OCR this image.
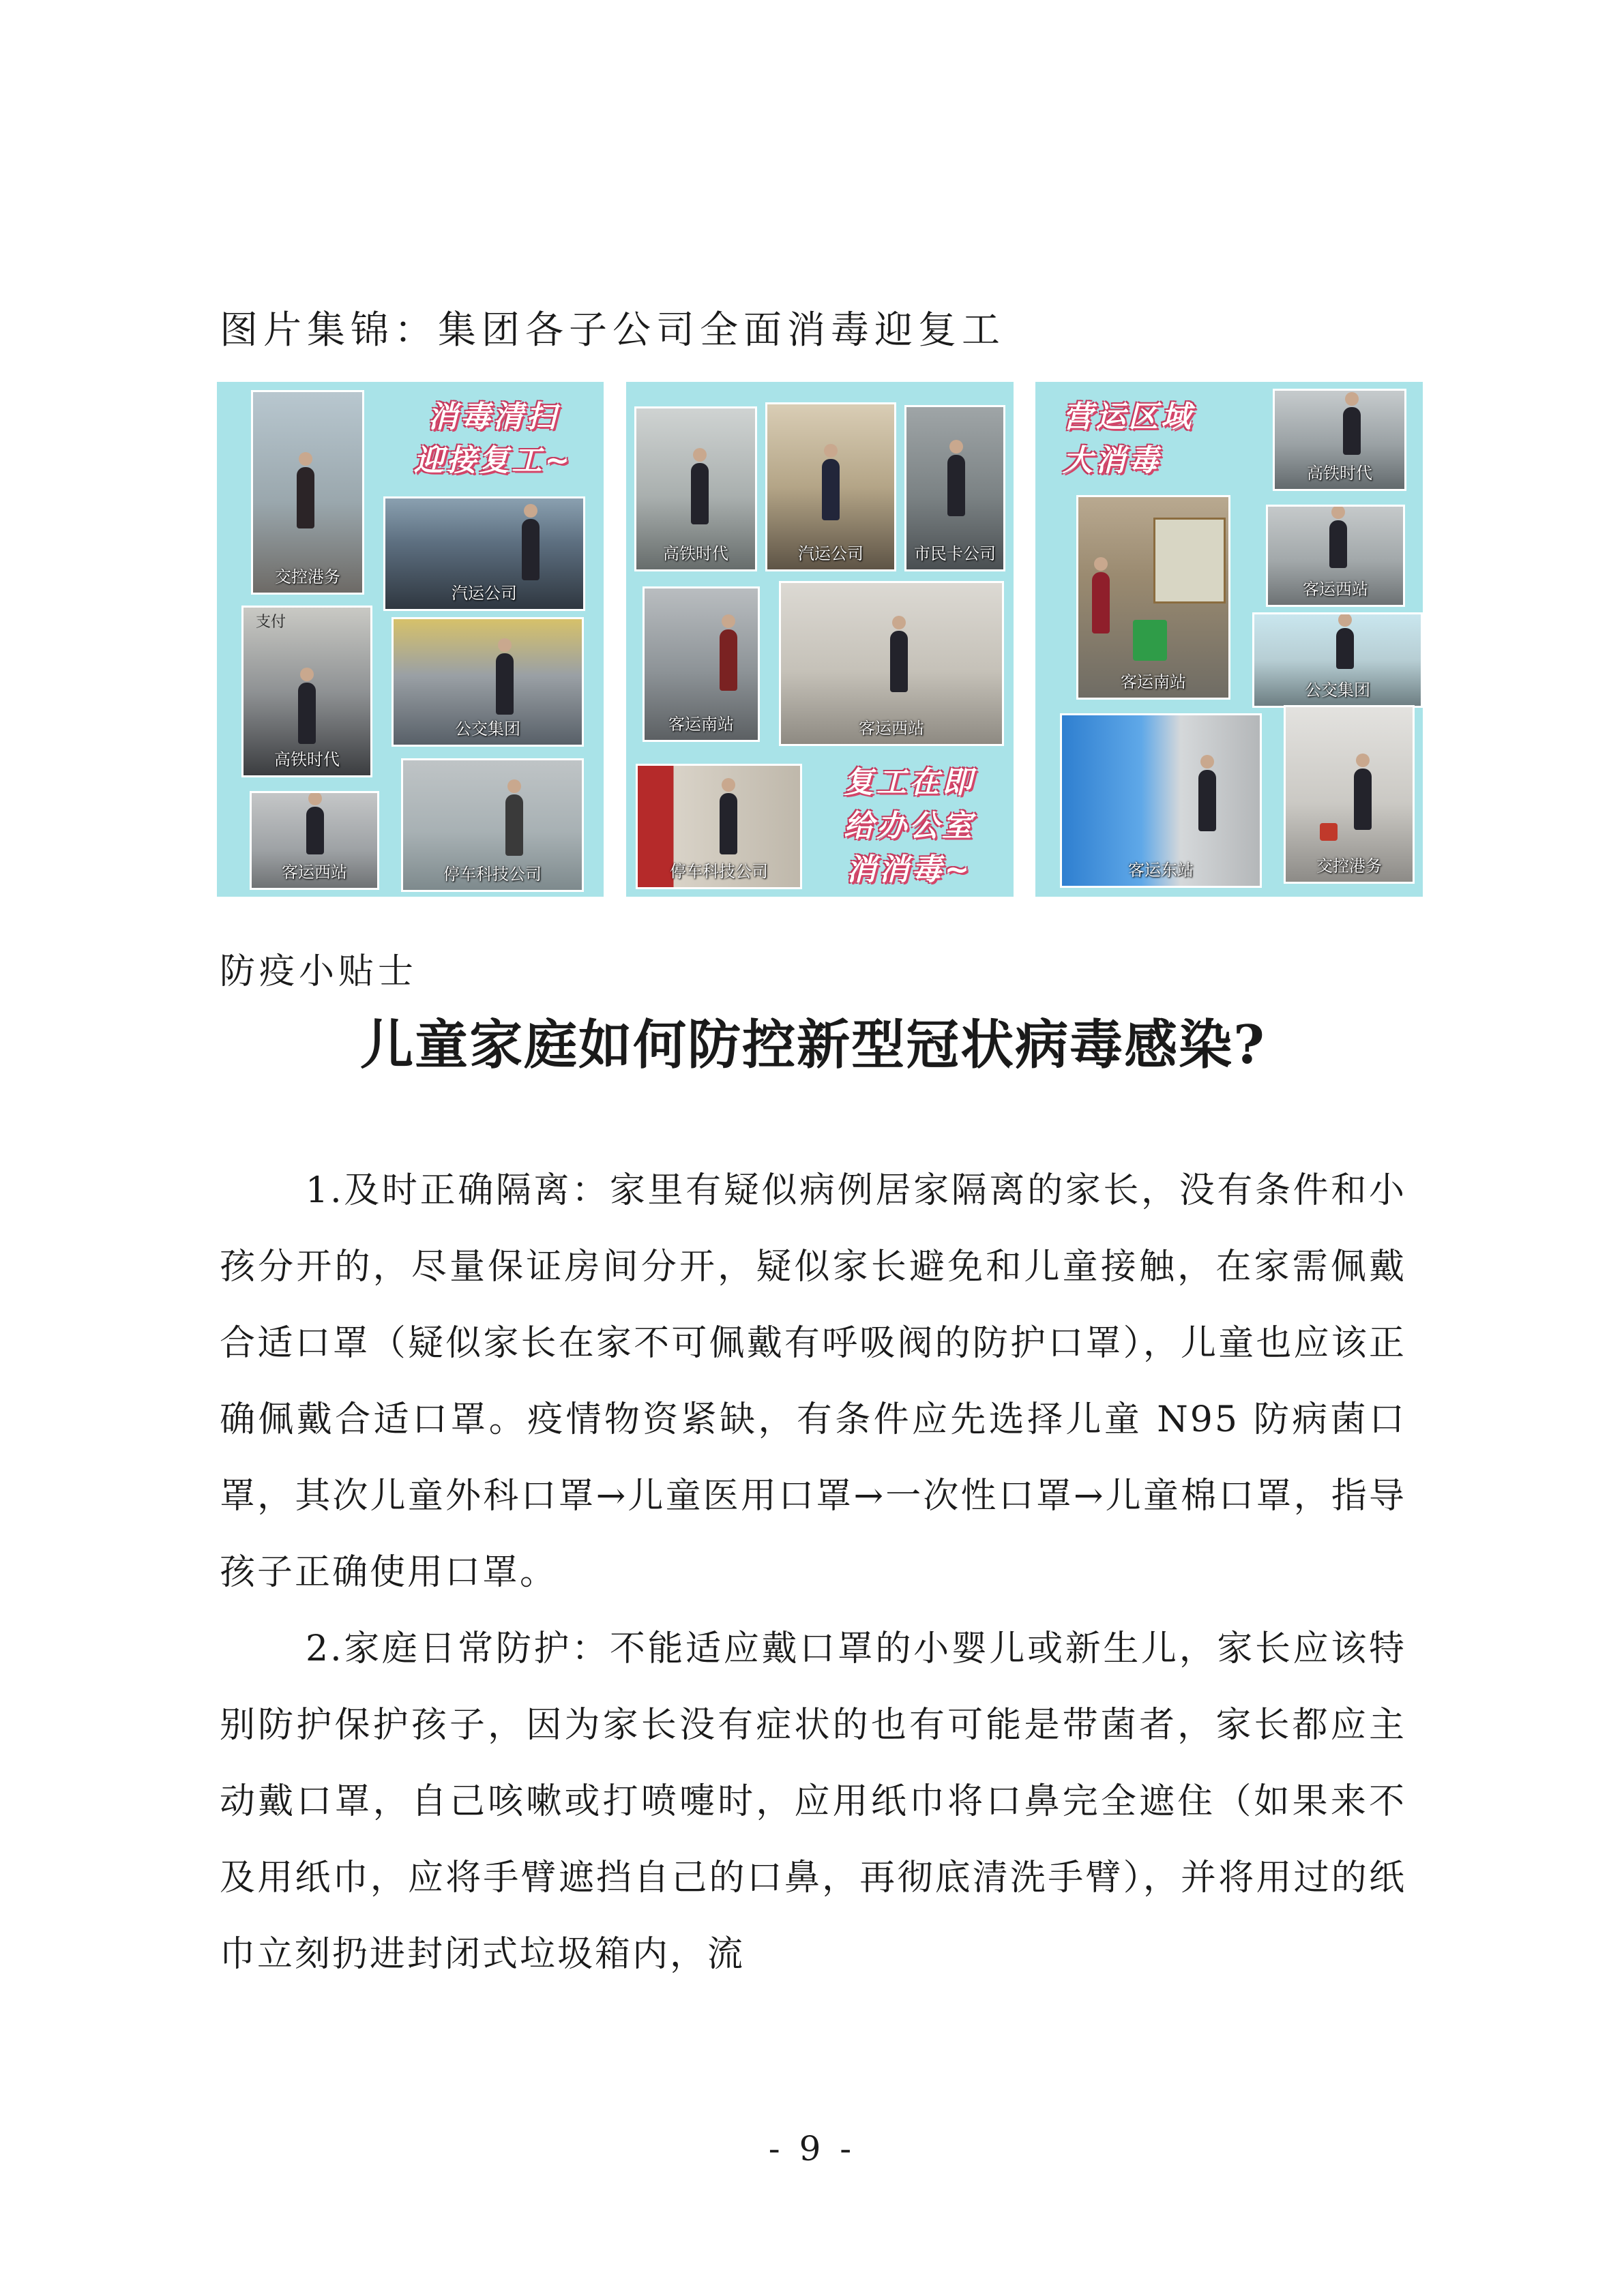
图片集锦：集团各子公司全面消毒迎复工
交控港务
消毒清扫
迎接复工~
汽运公司
支付
高铁时代
公交集团
客运西站	停车科技公司
高铁时代	汽运公司	市民卡公司
客运南站	客运西站
停车科技公司
复工在即
给办公室
消消毒~
营运区域
大消毒	高铁时代
客运南站
客运西站
公交集团
客运东站	交控港务
防疫小贴士
儿童家庭如何防控新型冠状病毒感染?

1.及时正确隔离：家里有疑似病例居家隔离的家长，没有条件和小孩分开的，尽量保证房间分开，疑似家长避免和儿童接触，在家需佩戴合适口罩（疑似家长在家不可佩戴有呼吸阀的防护口罩），儿童也应该正确佩戴合适口罩。疫情物资紧缺，有条件应先选择儿童 N95 防病菌口罩，其次儿童外科口罩→儿童医用口罩→一次性口罩→儿童棉口罩，指导孩子正确使用口罩。

2.家庭日常防护：不能适应戴口罩的小婴儿或新生儿，家长应该特别防护保护孩子，因为家长没有症状的也有可能是带菌者，家长都应主动戴口罩，自己咳嗽或打喷嚏时，应用纸巾将口鼻完全遮住（如果来不及用纸巾，应将手臂遮挡自己的口鼻，再彻底清洗手臂），并将用过的纸巾立刻扔进封闭式垃圾箱内，流

- 9 -
